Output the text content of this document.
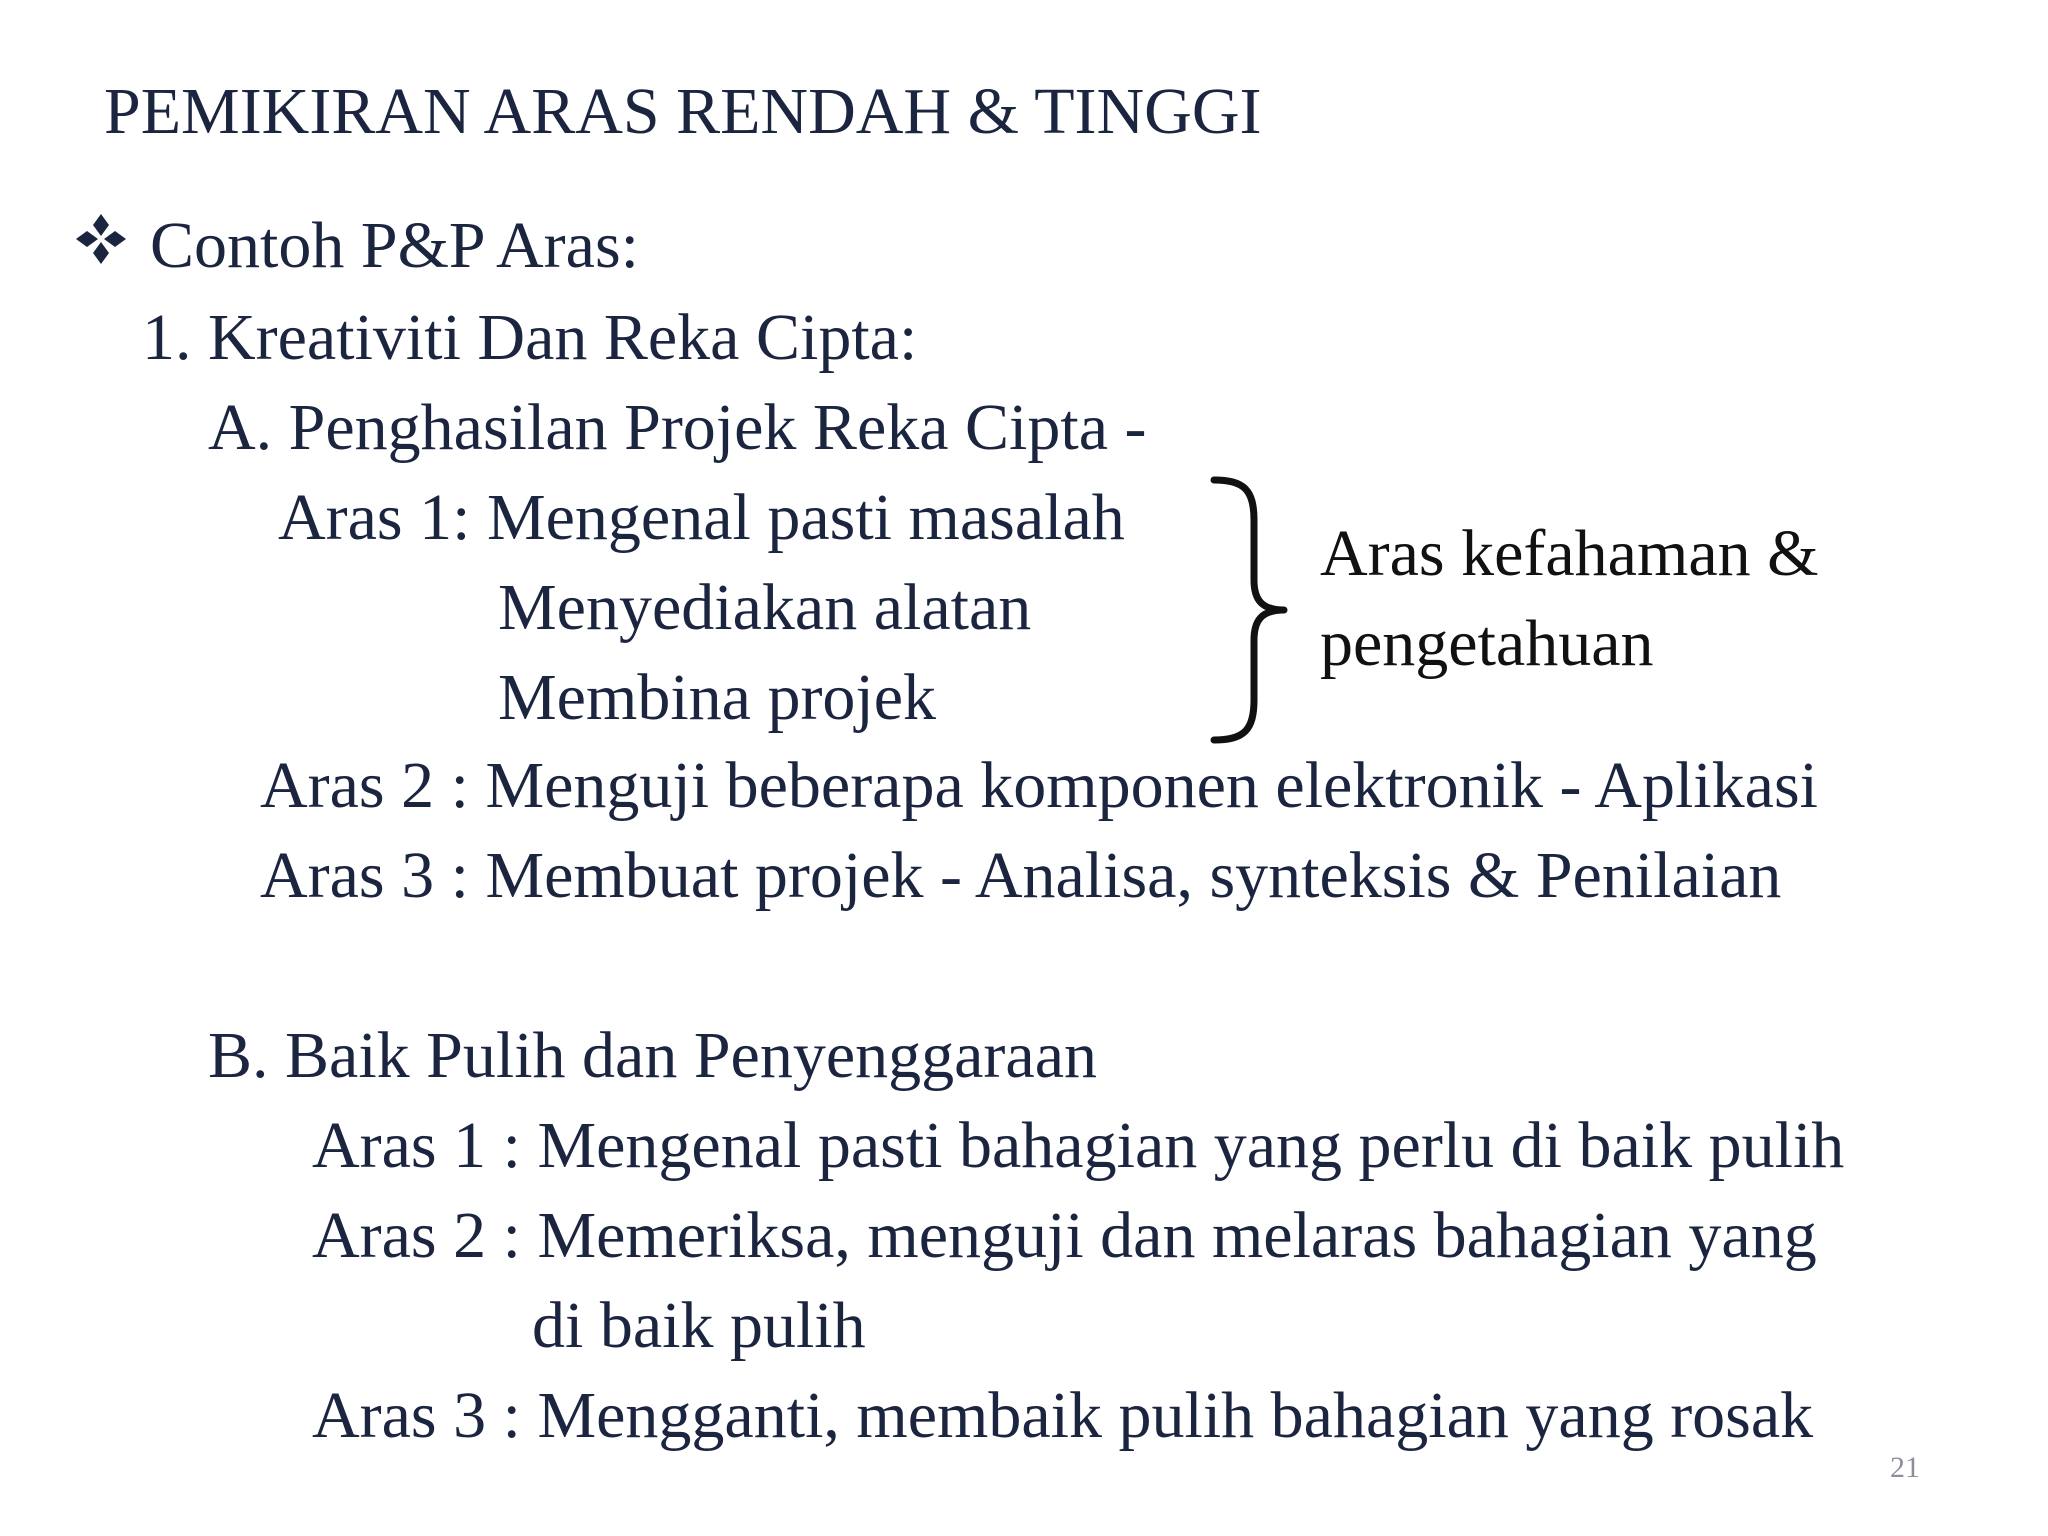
PEMIKIRAN ARAS RENDAH & TINGGI
Contoh P&P Aras:
1. Kreativiti Dan Reka Cipta:
A. Penghasilan Projek Reka Cipta -
Aras 1: Mengenal pasti masalah
Menyediakan alatan
Membina projek
Aras kefahaman &
pengetahuan
Aras 2 : Menguji beberapa komponen elektronik - Aplikasi
Aras 3 : Membuat projek - Analisa, synteksis & Penilaian
B. Baik Pulih dan Penyenggaraan
Aras 1 : Mengenal pasti bahagian yang perlu di baik pulih
Aras 2 : Memeriksa, menguji dan melaras bahagian yang
di baik pulih
Aras 3 : Mengganti, membaik pulih bahagian yang rosak
21
